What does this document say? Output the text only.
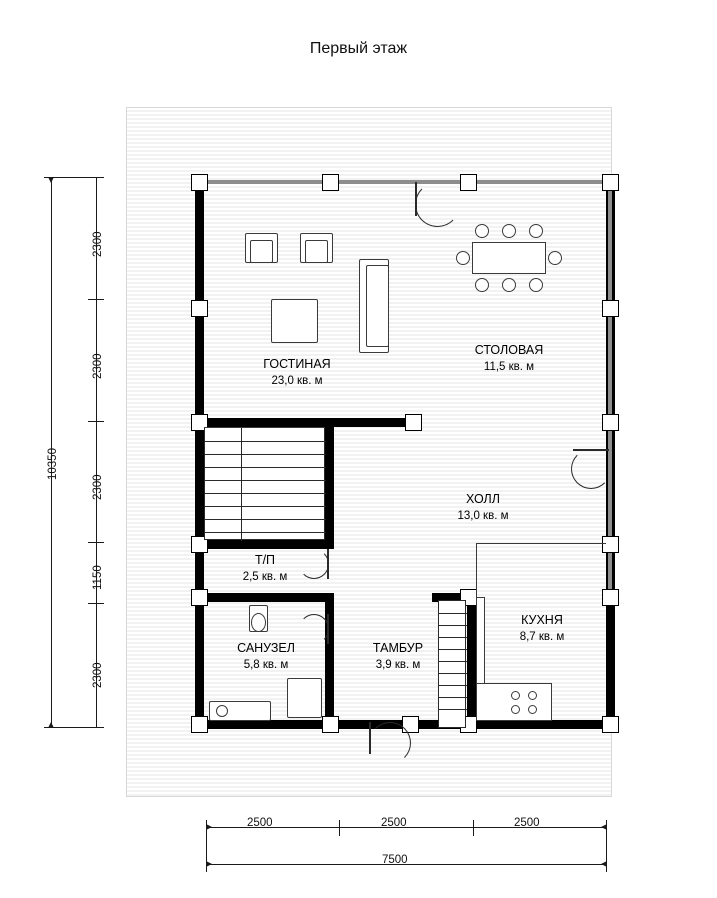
Первый этаж
ГОСТИНАЯ
23,0 кв. м
СТОЛОВАЯ
11,5 кв. м
ХОЛЛ
13,0 кв. м
Т/П
2,5 кв. м
САНУЗЕЛ
5,8 кв. м
ТАМБУР
3,9 кв. м
КУХНЯ
8,7 кв. м
10350
2300
2300
2300
1150
2300
2500	2500	2500
7500
